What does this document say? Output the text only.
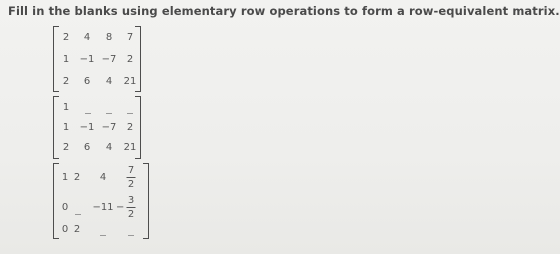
Fill in the blanks using elementary row operations to form a row-equivalent matrix.

2 4 8 7
1 −1 −7 2
2 6 4 21
1
1 −1 −7 2
2 6 4 21
1 2 4
7
2
0 −11 −
3
2
0 2
